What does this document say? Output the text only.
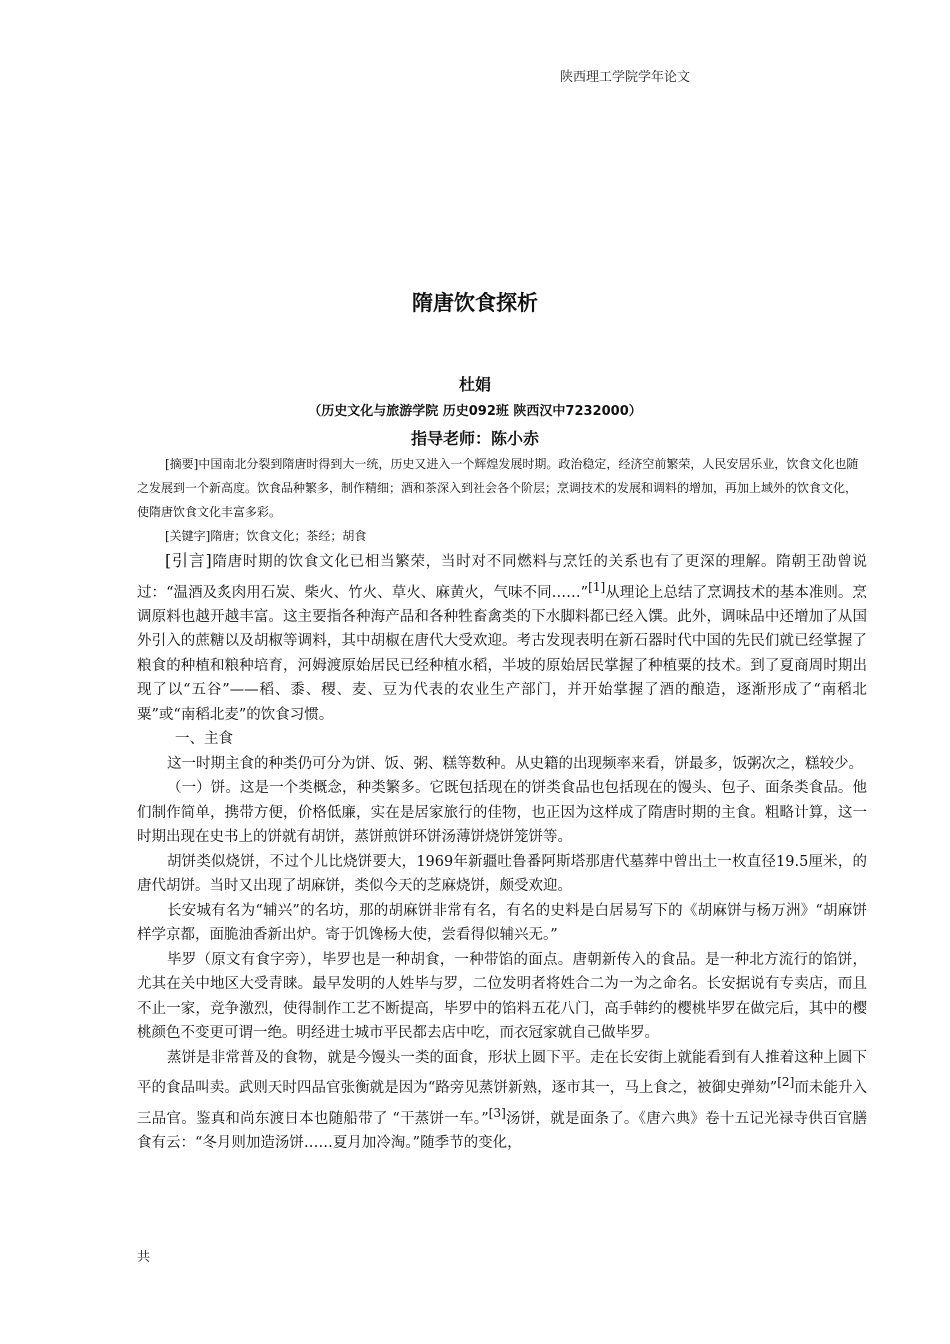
陕西理工学院学年论文
隋唐饮食探析
杜娟
（历史文化与旅游学院 历史092班 陕西汉中7232000）
指导老师：陈小赤

[摘要]中国南北分裂到隋唐时得到大一统，历史又进入一个辉煌发展时期。政治稳定，经济空前繁荣，人民安居乐业，饮食文化也随之发展到一个新高度。饮食品种繁多，制作精细；酒和茶深入到社会各个阶层；烹调技术的发展和调料的增加，再加上域外的饮食文化，使隋唐饮食文化丰富多彩。

[关键字]隋唐；饮食文化；茶经；胡食

[引言]隋唐时期的饮食文化已相当繁荣，当时对不同燃料与烹饪的关系也有了更深的理解。隋朝王劭曾说过：“温酒及炙肉用石炭、柴火、竹火、草火、麻黄火，气味不同……”[1]从理论上总结了烹调技术的基本准则。烹调原料也越开越丰富。这主要指各种海产品和各种牲畜禽类的下水脚料都已经入馔。此外，调味品中还增加了从国外引入的蔗糖以及胡椒等调料，其中胡椒在唐代大受欢迎。考古发现表明在新石器时代中国的先民们就已经掌握了粮食的种植和粮种培育，河姆渡原始居民已经种植水稻，半坡的原始居民掌握了种植粟的技术。到了夏商周时期出现了以“五谷”——稻、黍、稷、麦、豆为代表的农业生产部门，并开始掌握了酒的酿造，逐渐形成了“南稻北粟”或“南稻北麦”的饮食习惯。

一、主食

这一时期主食的种类仍可分为饼、饭、粥、糕等数种。从史籍的出现频率来看，饼最多，饭粥次之，糕较少。

（一）饼。这是一个类概念，种类繁多。它既包括现在的饼类食品也包括现在的馒头、包子、面条类食品。他们制作简单，携带方便，价格低廉，实在是居家旅行的佳物，也正因为这样成了隋唐时期的主食。粗略计算，这一时期出现在史书上的饼就有胡饼，蒸饼煎饼环饼汤薄饼烧饼笼饼等。

胡饼类似烧饼，不过个儿比烧饼要大，1969年新疆吐鲁番阿斯塔那唐代墓葬中曾出土一枚直径19.5厘米，的唐代胡饼。当时又出现了胡麻饼，类似今天的芝麻烧饼，颇受欢迎。

长安城有名为“辅兴”的名坊，那的胡麻饼非常有名，有名的史料是白居易写下的《胡麻饼与杨万洲》“胡麻饼样学京都，面脆油香新出炉。寄于饥馋杨大使，尝看得似辅兴无。”

毕罗（原文有食字旁），毕罗也是一种胡食，一种带馅的面点。唐朝新传入的食品。是一种北方流行的馅饼，尤其在关中地区大受青睐。最早发明的人姓毕与罗，二位发明者将姓合二为一为之命名。长安据说有专卖店，而且不止一家，竞争激烈，使得制作工艺不断提高，毕罗中的馅料五花八门，高手韩约的樱桃毕罗在做完后，其中的樱桃颜色不变更可谓一绝。明经进士城市平民都去店中吃，而衣冠家就自己做毕罗。

蒸饼是非常普及的食物，就是今馒头一类的面食，形状上圆下平。走在长安街上就能看到有人推着这种上圆下平的食品叫卖。武则天时四品官张衡就是因为“路旁见蒸饼新熟，逐市其一，马上食之，被御史弹劾”[2]而未能升入三品官。鉴真和尚东渡日本也随船带了 “干蒸饼一车。”[3]汤饼，就是面条了。《唐六典》卷十五记光禄寺供百官膳食有云：“冬月则加造汤饼……夏月加冷淘。”随季节的变化，

共
